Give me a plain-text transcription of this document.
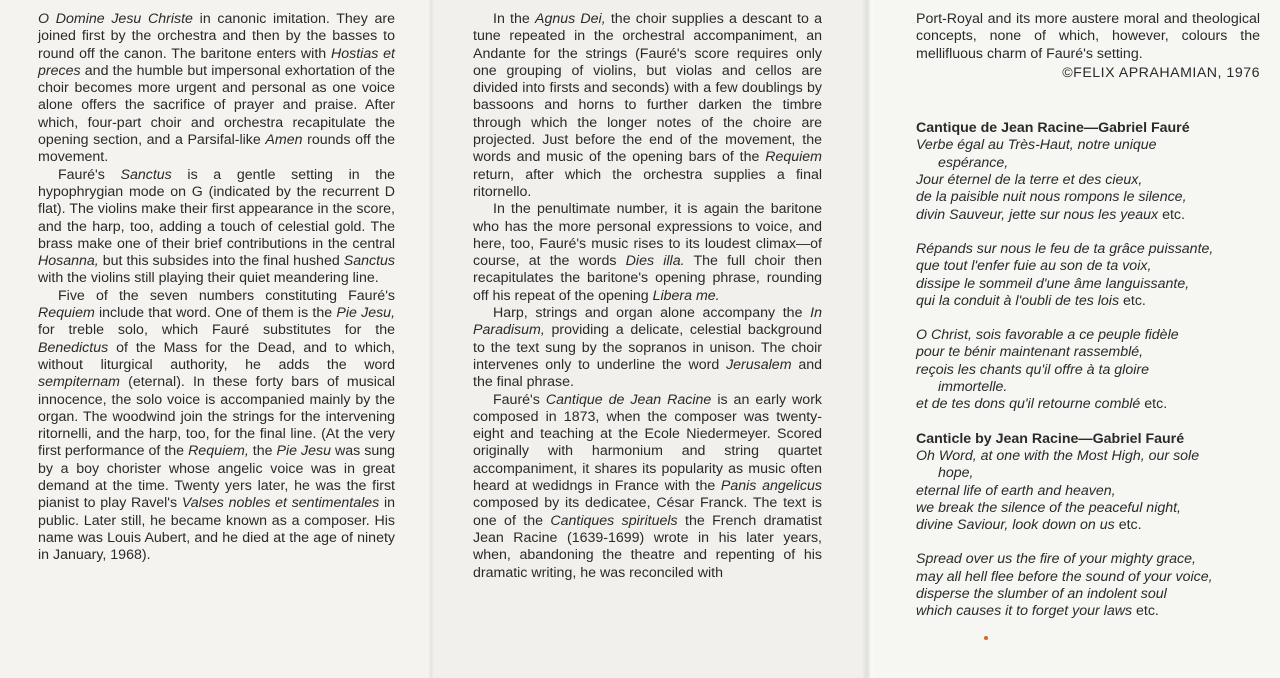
O Domine Jesu Christe in canonic imitation. They are joined first by the orchestra and then by the basses to round off the canon. The baritone enters with Hostias et preces and the humble but impersonal exhortation of the choir becomes more urgent and personal as one voice alone offers the sacrifice of prayer and praise. After which, four-part choir and orchestra recapitulate the opening section, and a Parsifal-like Amen rounds off the movement.

Fauré's Sanctus is a gentle setting in the hypophrygian mode on G (indicated by the recurrent D flat). The violins make their first appearance in the score, and the harp, too, adding a touch of celestial gold. The brass make one of their brief contributions in the central Hosanna, but this subsides into the final hushed Sanctus with the violins still playing their quiet meandering line.

Five of the seven numbers constituting Fauré's Requiem include that word. One of them is the Pie Jesu, for treble solo, which Fauré substitutes for the Benedictus of the Mass for the Dead, and to which, without liturgical authority, he adds the word sempiternam (eternal). In these forty bars of musical innocence, the solo voice is accompanied mainly by the organ. The woodwind join the strings for the intervening ritornelli, and the harp, too, for the final line. (At the very first performance of the Requiem, the Pie Jesu was sung by a boy chorister whose angelic voice was in great demand at the time. Twenty yers later, he was the first pianist to play Ravel's Valses nobles et sentimentales in public. Later still, he became known as a composer. His name was Louis Aubert, and he died at the age of ninety in January, 1968).

In the Agnus Dei, the choir supplies a descant to a tune repeated in the orchestral accompaniment, an Andante for the strings (Fauré's score requires only one grouping of violins, but violas and cellos are divided into firsts and seconds) with a few doublings by bassoons and horns to further darken the timbre through which the longer notes of the choire are projected. Just before the end of the movement, the words and music of the opening bars of the Requiem return, after which the orchestra supplies a final ritornello.

In the penultimate number, it is again the baritone who has the more personal expressions to voice, and here, too, Fauré's music rises to its loudest climax—of course, at the words Dies illa. The full choir then recapitulates the baritone's opening phrase, rounding off his repeat of the opening Libera me.

Harp, strings and organ alone accompany the In Paradisum, providing a delicate, celestial background to the text sung by the sopranos in unison. The choir intervenes only to underline the word Jerusalem and the final phrase.

Fauré's Cantique de Jean Racine is an early work composed in 1873, when the composer was twenty-eight and teaching at the Ecole Niedermeyer. Scored originally with harmonium and string quartet accompaniment, it shares its popularity as music often heard at wedidngs in France with the Panis angelicus composed by its dedicatee, César Franck. The text is one of the Cantiques spirituels the French dramatist Jean Racine (1639-1699) wrote in his later years, when, abandoning the theatre and repenting of his dramatic writing, he was reconciled with

Port-Royal and its more austere moral and theological concepts, none of which, however, colours the mellifluous charm of Fauré's setting.

©FELIX APRAHAMIAN, 1976

Cantique de Jean Racine—Gabriel Fauré

Verbe égal au Très-Haut, notre unique
espérance,
Jour éternel de la terre et des cieux,
de la paisible nuit nous rompons le silence,
divin Sauveur, jette sur nous les yeaux etc.
Répands sur nous le feu de ta grâce puissante,
que tout l'enfer fuie au son de ta voix,
dissipe le sommeil d'une âme languissante,
qui la conduit à l'oubli de tes lois etc.
O Christ, sois favorable a ce peuple fidèle
pour te bénir maintenant rassemblé,
reçois les chants qu'il offre à ta gloire
immortelle.
et de tes dons qu'il retourne comblé etc.

Canticle by Jean Racine—Gabriel Fauré

Oh Word, at one with the Most High, our sole
hope,
eternal life of earth and heaven,
we break the silence of the peaceful night,
divine Saviour, look down on us etc.
Spread over us the fire of your mighty grace,
may all hell flee before the sound of your voice,
disperse the slumber of an indolent soul
which causes it to forget your laws etc.
